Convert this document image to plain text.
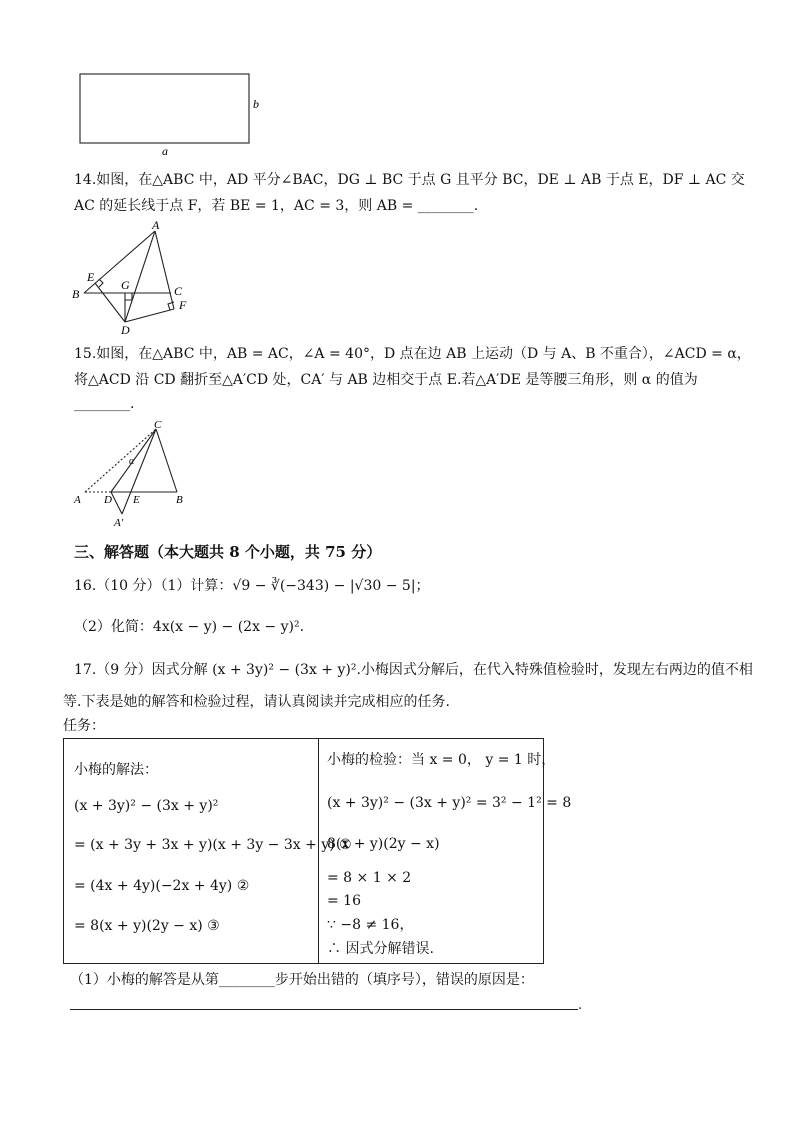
b
a
14.如图，在△ABC 中，AD 平分∠BAC，DG ⊥ BC 于点 G 且平分 BC，DE ⊥ AB 于点 E，DF ⊥ AC 交
AC 的延长线于点 F，若 BE = 1，AC = 3，则 AB = ________.
A
B	C
D
E
F
G
15.如图，在△ABC 中，AB = AC，∠A = 40°，D 点在边 AB 上运动（D 与 A、B 不重合），∠ACD = α，
将△ACD 沿 CD 翻折至△A′CD 处，CA′ 与 AB 边相交于点 E.若△A′DE 是等腰三角形，则 α 的值为
________.
C
A D E	B
A′
α
三、解答题（本大题共 8 个小题，共 75 分）
16.（10 分）（1）计算：√9 − ∛(−343) − |√30 − 5|；
（2）化简：4x(x − y) − (2x − y)².
17.（9 分）因式分解 (x + 3y)² − (3x + y)².小梅因式分解后，在代入特殊值检验时，发现左右两边的值不相
等.下表是她的解答和检验过程，请认真阅读并完成相应的任务.
任务：
小梅的解法：
(x + 3y)² − (3x + y)²
= (x + 3y + 3x + y)(x + 3y − 3x + y) ①
= (4x + 4y)(−2x + 4y) ②
= 8(x + y)(2y − x) ③

小梅的检验：当 x = 0， y = 1 时，
(x + 3y)² − (3x + y)² = 3² − 1² = 8
8(x + y)(2y − x)
= 8 × 1 × 2
= 16
∵ −8 ≠ 16，
∴ 因式分解错误.
（1）小梅的解答是从第________步开始出错的（填序号），错误的原因是：
.
